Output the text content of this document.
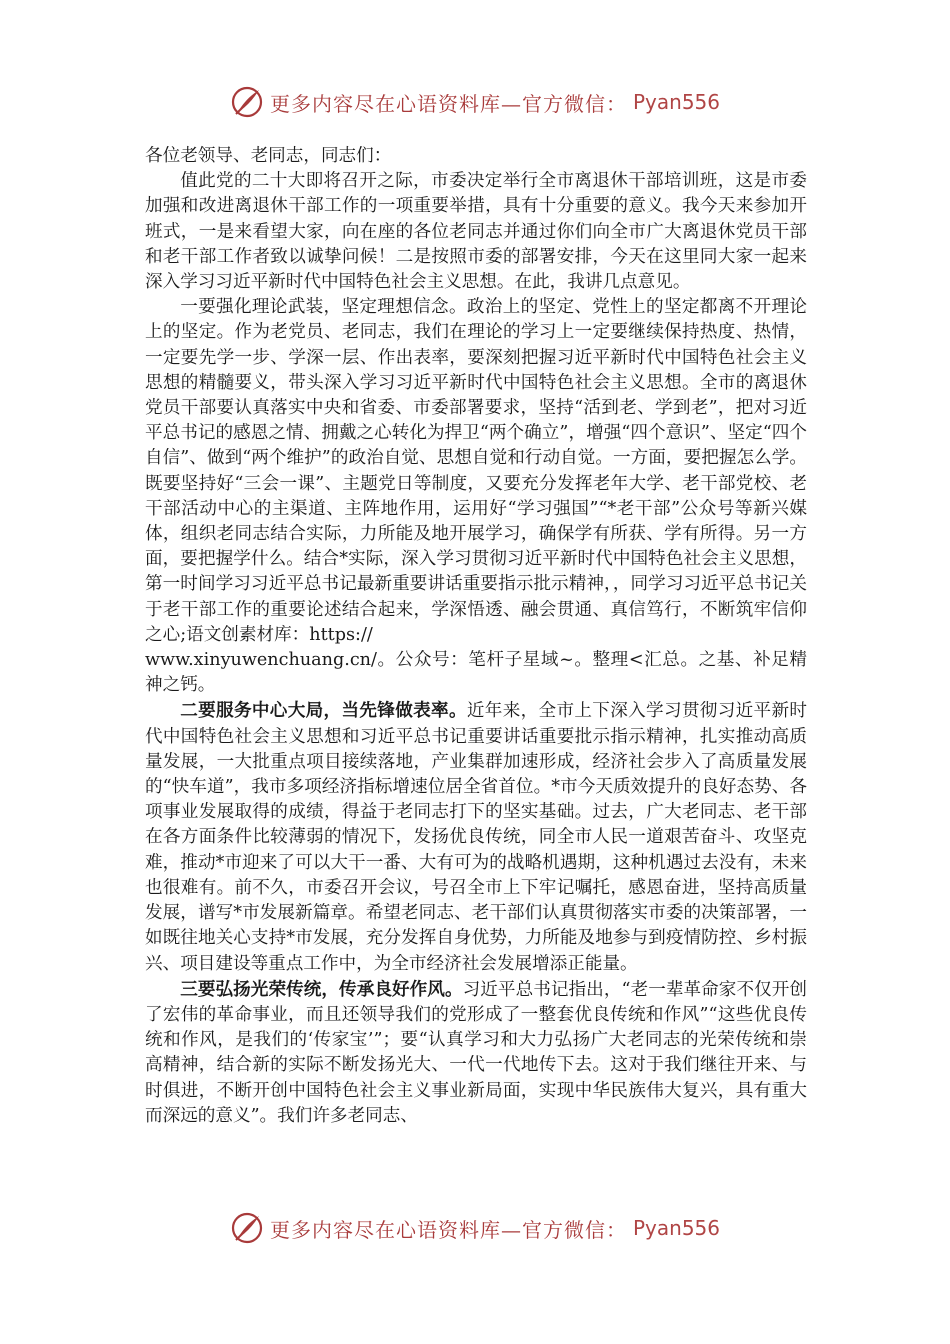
更多内容尽在心语资料库—官方微信： Pyan556

各位老领导、老同志，同志们：

值此党的二十大即将召开之际，市委决定举行全市离退休干部培训班，这是市委加强和改进离退休干部工作的一项重要举措，具有十分重要的意义。我今天来参加开班式，一是来看望大家，向在座的各位老同志并通过你们向全市广大离退休党员干部和老干部工作者致以诚挚问候！二是按照市委的部署安排，今天在这里同大家一起来深入学习习近平新时代中国特色社会主义思想。在此，我讲几点意见。

一要强化理论武装，坚定理想信念。政治上的坚定、党性上的坚定都离不开理论上的坚定。作为老党员、老同志，我们在理论的学习上一定要继续保持热度、热情，一定要先学一步、学深一层、作出表率，要深刻把握习近平新时代中国特色社会主义思想的精髓要义，带头深入学习习近平新时代中国特色社会主义思想。全市的离退休党员干部要认真落实中央和省委、市委部署要求，坚持“活到老、学到老”，把对习近平总书记的感恩之情、拥戴之心转化为捍卫“两个确立”，增强“四个意识”、坚定“四个自信”、做到“两个维护”的政治自觉、思想自觉和行动自觉。一方面，要把握怎么学。既要坚持好“三会一课”、主题党日等制度，又要充分发挥老年大学、老干部党校、老干部活动中心的主渠道、主阵地作用，运用好“学习强国”“*老干部”公众号等新兴媒体，组织老同志结合实际，力所能及地开展学习，确保学有所获、学有所得。另一方面，要把握学什么。结合*实际，深入学习贯彻习近平新时代中国特色社会主义思想，第一时间学习习近平总书记最新重要讲话重要指示批示精神，，同学习习近平总书记关于老干部工作的重要论述结合起来，学深悟透、融会贯通、真信笃行，不断筑牢信仰之心;语文创素材库：https://

www.xinyuwenchuang.cn/。公众号：笔杆子星域~。整理<汇总。之基、补足精神之钙。

二要服务中心大局，当先锋做表率。近年来，全市上下深入学习贯彻习近平新时代中国特色社会主义思想和习近平总书记重要讲话重要批示指示精神，扎实推动高质量发展，一大批重点项目接续落地，产业集群加速形成，经济社会步入了高质量发展的“快车道”，我市多项经济指标增速位居全省首位。*市今天质效提升的良好态势、各项事业发展取得的成绩，得益于老同志打下的坚实基础。过去，广大老同志、老干部在各方面条件比较薄弱的情况下，发扬优良传统，同全市人民一道艰苦奋斗、攻坚克难，推动*市迎来了可以大干一番、大有可为的战略机遇期，这种机遇过去没有，未来也很难有。前不久，市委召开会议，号召全市上下牢记嘱托，感恩奋进，坚持高质量发展，谱写*市发展新篇章。希望老同志、老干部们认真贯彻落实市委的决策部署，一如既往地关心支持*市发展，充分发挥自身优势，力所能及地参与到疫情防控、乡村振兴、项目建设等重点工作中，为全市经济社会发展增添正能量。

三要弘扬光荣传统，传承良好作风。习近平总书记指出，“老一辈革命家不仅开创了宏伟的革命事业，而且还领导我们的党形成了一整套优良传统和作风”“这些优良传统和作风，是我们的‘传家宝’”；要“认真学习和大力弘扬广大老同志的光荣传统和崇高精神，结合新的实际不断发扬光大、一代一代地传下去。这对于我们继往开来、与时俱进，不断开创中国特色社会主义事业新局面，实现中华民族伟大复兴，具有重大而深远的意义”。我们许多老同志、

更多内容尽在心语资料库—官方微信： Pyan556
